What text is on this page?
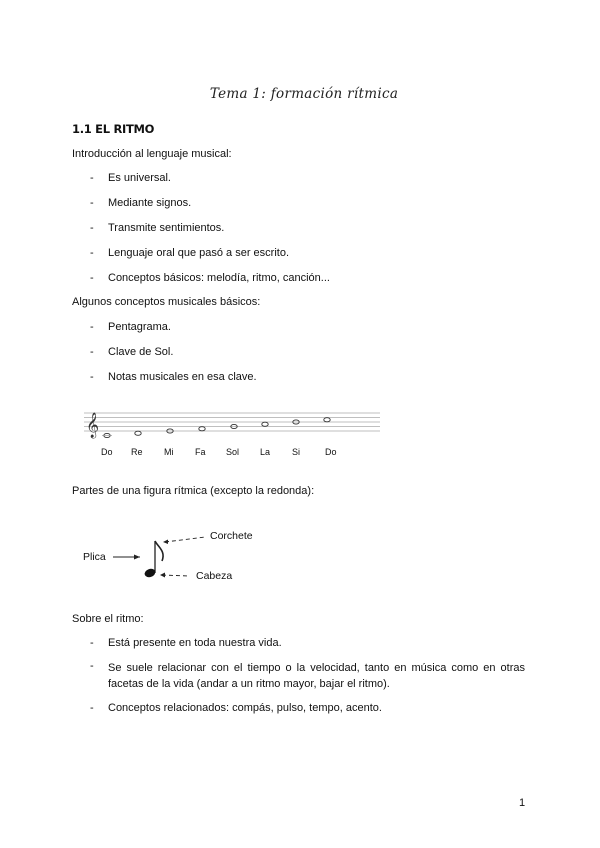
Tema 1: formación rítmica
1.1 EL RITMO
Introducción al lenguaje musical:
- Es universal.
- Mediante signos.
- Transmite sentimientos.
- Lenguaje oral que pasó a ser escrito.
- Conceptos básicos: melodía, ritmo, canción...
Algunos conceptos musicales básicos:
- Pentagrama.
- Clave de Sol.
- Notas musicales en esa clave.
𝄞
Do Re Mi Fa Sol La Si	Do
Partes de una figura rítmica (excepto la redonda):
Plica
Corchete
Cabeza
Sobre el ritmo:
- Está presente en toda nuestra vida.
- Se suele relacionar con el tiempo o la velocidad, tanto en música como en otras facetas de la vida (andar a un ritmo mayor, bajar el ritmo).
- Conceptos relacionados: compás, pulso, tempo, acento.
1
